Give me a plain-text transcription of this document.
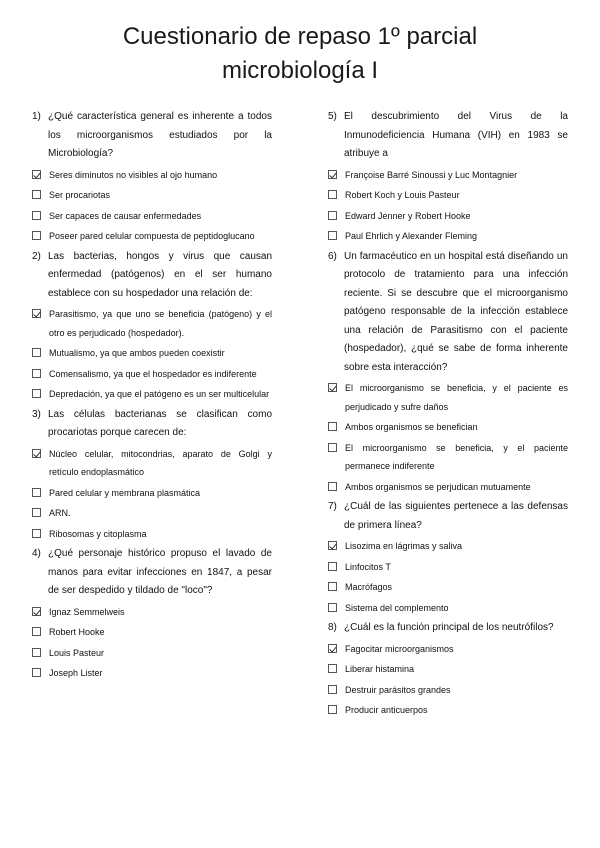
Cuestionario de repaso 1º parcial
microbiología I
1) ¿Qué característica general es inherente a todos los microorganismos estudiados por la Microbiología?
Seres diminutos no visibles al ojo humano
Ser procariotas
Ser capaces de causar enfermedades
Poseer pared celular compuesta de peptidoglucano
2) Las bacterias, hongos y virus que causan enfermedad (patógenos) en el ser humano establece con su hospedador una relación de:
Parasitismo, ya que uno se beneficia (patógeno) y el otro es perjudicado (hospedador).
Mutualismo, ya que ambos pueden coexistir
Comensalismo, ya que el hospedador es indiferente
Depredación, ya que el patógeno es un ser multicelular
3) Las células bacterianas se clasifican como procariotas porque carecen de:
Núcleo celular, mitocondrias, aparato de Golgi y retículo endoplasmático
Pared celular y membrana plasmática
ARN.
Ribosomas y citoplasma
4) ¿Qué personaje histórico propuso el lavado de manos para evitar infecciones en 1847, a pesar de ser despedido y tildado de "loco"?
Ignaz Semmelweis
Robert Hooke
Louis Pasteur
Joseph Lister
5) El descubrimiento del Virus de la Inmunodeficiencia Humana (VIH) en 1983 se atribuye a
Françoise Barré Sinoussi y Luc Montagnier
Robert Koch y Louis Pasteur
Edward Jenner y Robert Hooke
Paul Ehrlich y Alexander Fleming
6) Un farmacéutico en un hospital está diseñando un protocolo de tratamiento para una infección reciente. Si se descubre que el microorganismo patógeno responsable de la infección establece una relación de Parasitismo con el paciente (hospedador), ¿qué se sabe de forma inherente sobre esta interacción?
El microorganismo se beneficia, y el paciente es perjudicado y sufre daños
Ambos organismos se benefician
El microorganismo se beneficia, y el paciente permanece indiferente
Ambos organismos se perjudican mutuamente
7) ¿Cuál de las siguientes pertenece a las defensas de primera línea?
Lisozima en lágrimas y saliva
Linfocitos T
Macrófagos
Sistema del complemento
8) ¿Cuál es la función principal de los neutrófilos?
Fagocitar microorganismos
Liberar histamina
Destruir parásitos grandes
Producir anticuerpos
